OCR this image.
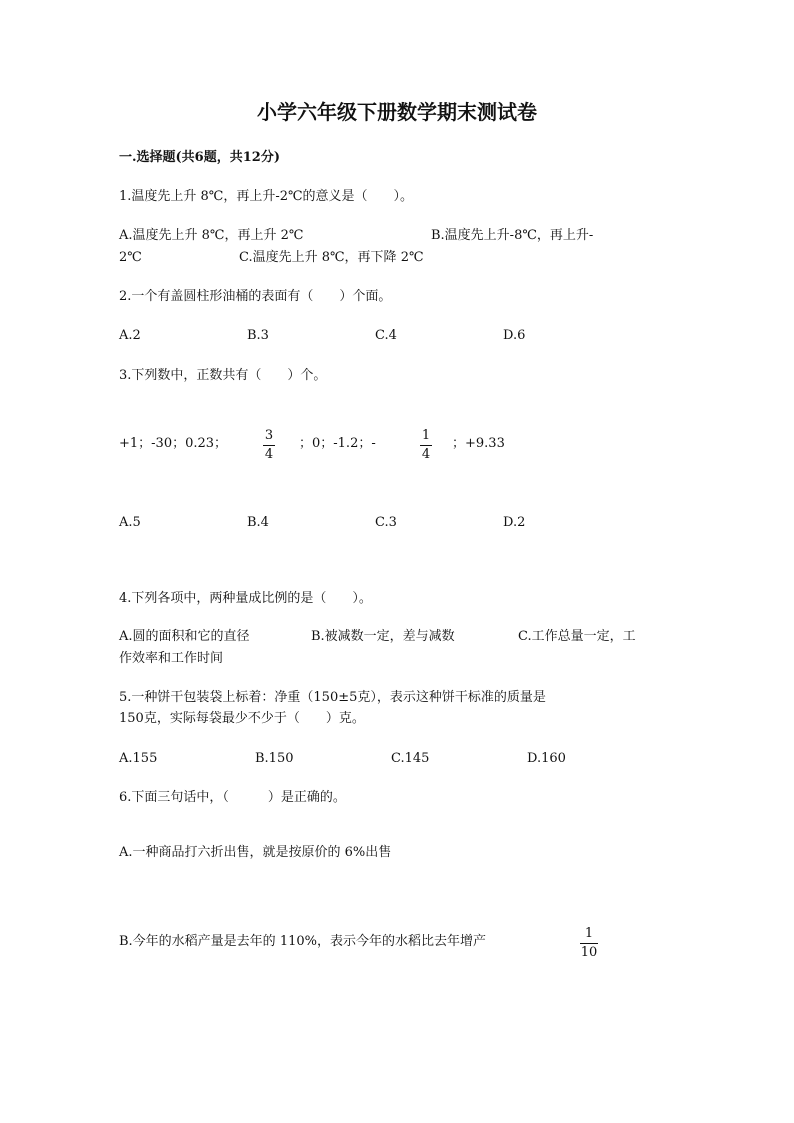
小学六年级下册数学期末测试卷
一.选择题(共6题，共12分)
1.温度先上升 8℃，再上升-2℃的意义是（　　）。
A.温度先上升 8℃，再上升 2℃	B.温度先上升-8℃，再上升-
2℃	C.温度先上升 8℃，再下降 2℃
2.一个有盖圆柱形油桶的表面有（　　）个面。
A.2	B.3	C.4	D.6
3.下列数中，正数共有（　　）个。
+1；-30；0.23；
3
4
；0；-1.2；-
1
4
；+9.33
A.5	B.4	C.3	D.2
4.下列各项中，两种量成比例的是（　　）。
A.圆的面积和它的直径	B.被减数一定，差与减数	C.工作总量一定，工
作效率和工作时间
5.一种饼干包装袋上标着：净重（150±5克），表示这种饼干标准的质量是
150克，实际每袋最少不少于（　　）克。
A.155	B.150	C.145	D.160
6.下面三句话中，（　　　）是正确的。
A.一种商品打六折出售，就是按原价的 6%出售
B.今年的水稻产量是去年的 110%，表示今年的水稻比去年增产
1
10
